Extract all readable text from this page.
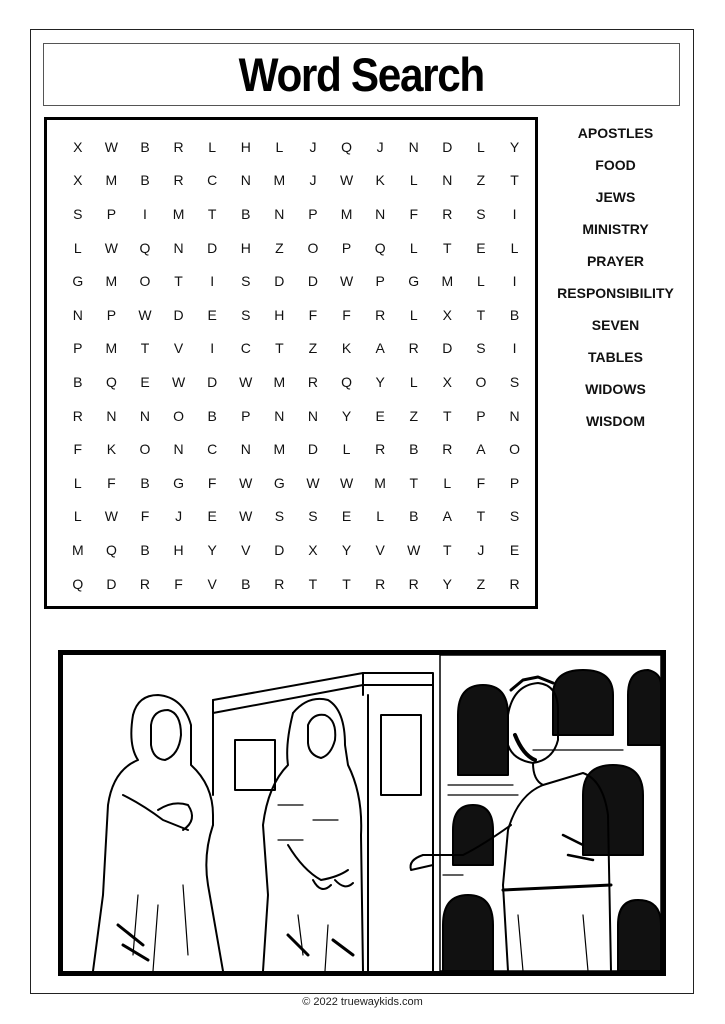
Word Search
X	W	B	R	L	H	L	J	Q	J	N	D	L	Y
X	M	B	R	C	N	M	J	W	K	L	N	Z	T
S	P	I	M	T	B	N	P	M	N	F	R	S	I
L	W	Q	N	D	H	Z	O	P	Q	L	T	E	L
G	M	O	T	I	S	D	D	W	P	G	M	L	I
N	P	W	D	E	S	H	F	F	R	L	X	T	B
P	M	T	V	I	C	T	Z	K	A	R	D	S	I
B	Q	E	W	D	W	M	R	Q	Y	L	X	O	S
R	N	N	O	B	P	N	N	Y	E	Z	T	P	N
F	K	O	N	C	N	M	D	L	R	B	R	A	O
L	F	B	G	F	W	G	W	W	M	T	L	F	P
L	W	F	J	E	W	S	S	E	L	B	A	T	S
M	Q	B	H	Y	V	D	X	Y	V	W	T	J	E
Q	D	R	F	V	B	R	T	T	R	R	Y	Z	R
APOSTLES
FOOD
JEWS
MINISTRY
PRAYER
RESPONSIBILITY
SEVEN
TABLES
WIDOWS
WISDOM
© 2022 truewaykids.com
